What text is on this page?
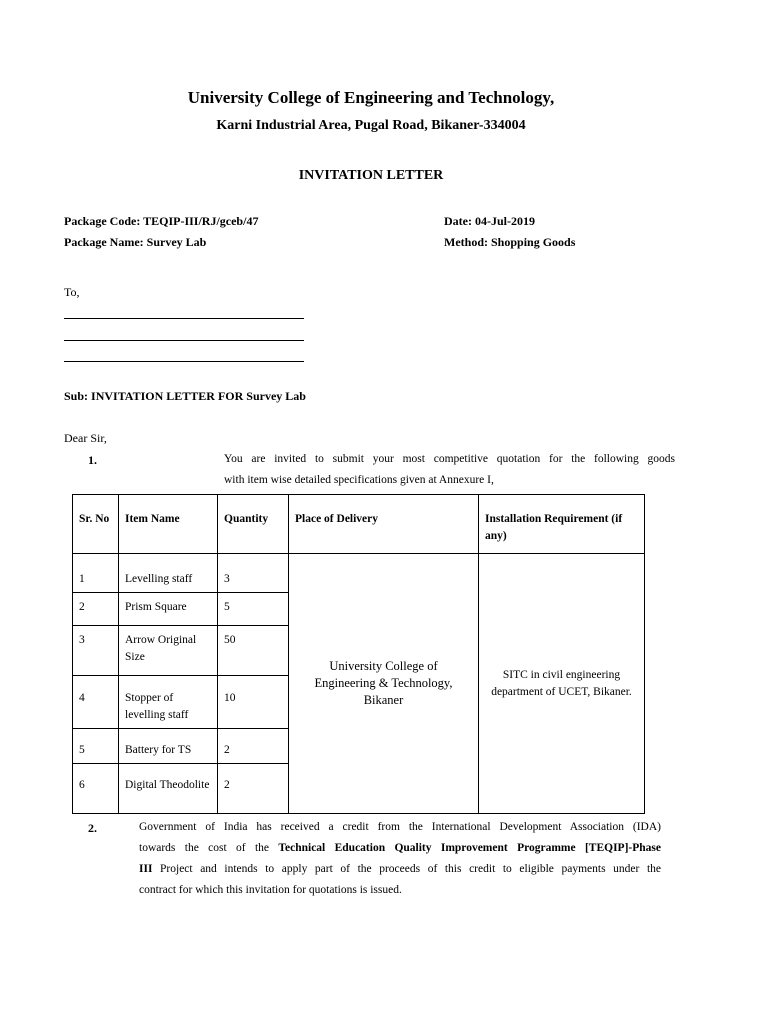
University College of Engineering and Technology,
Karni Industrial Area, Pugal Road, Bikaner-334004
INVITATION LETTER
Package Code: TEQIP-III/RJ/gceb/47	Date: 04-Jul-2019
Package Name: Survey Lab	Method: Shopping Goods
To,
Sub: INVITATION LETTER FOR Survey Lab
Dear Sir,
1.	You are invited to submit your most competitive quotation for the following goods
with item wise detailed specifications given at Annexure I,
Sr. No	Item Name	Quantity	Place of Delivery	Installation Requirement (if any)
1	Levelling staff	3	University College of Engineering & Technology, Bikaner	SITC in civil engineering department of UCET, Bikaner.
2	Prism Square	5		
3	Arrow Original Size	50		
4	Stopper of levelling staff	10		
5	Battery for TS	2		
6	Digital Theodolite	2		
2.	Government of India has received a credit from the International Development Association (IDA)
towards the cost of the Technical Education Quality Improvement Programme [TEQIP]-Phase
III Project and intends to apply part of the proceeds of this credit to eligible payments under the
contract for which this invitation for quotations is issued.
